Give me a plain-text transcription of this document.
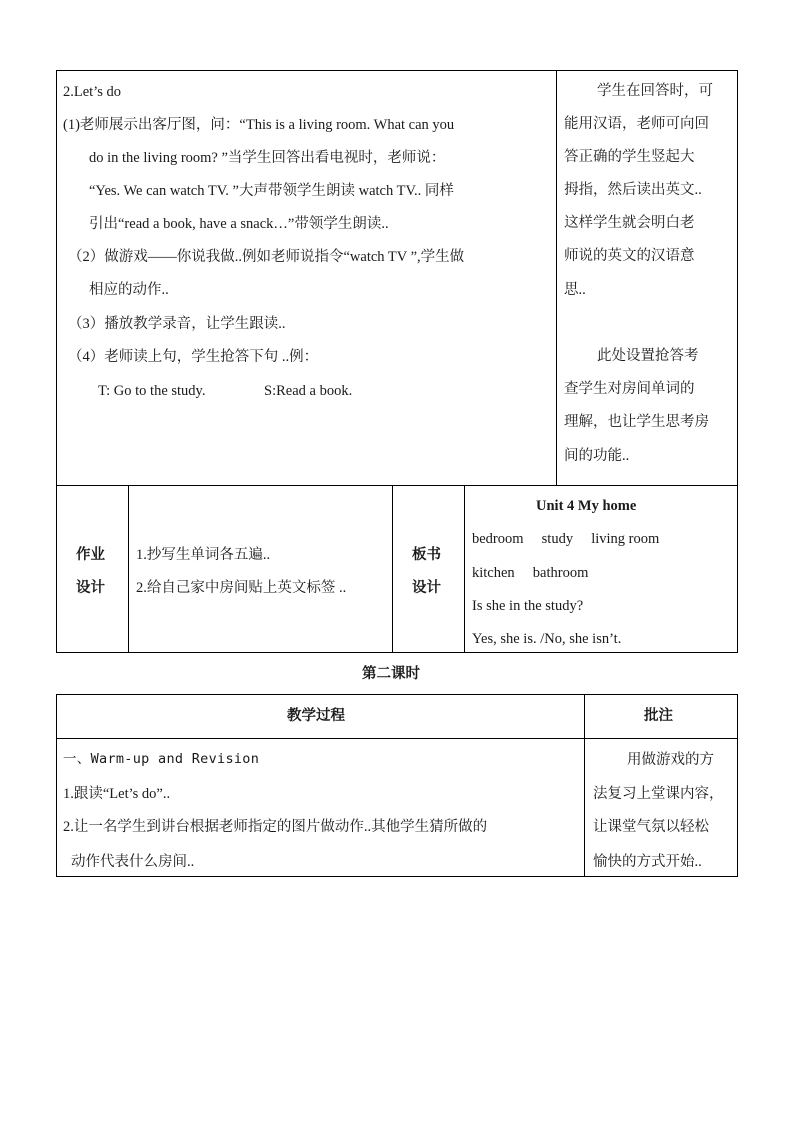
2.Let’s do
(1)老师展示出客厅图，问：“This is a living room. What can you
do in the living room? ”当学生回答出看电视时，老师说：
“Yes. We can watch TV. ”大声带领学生朗读 watch TV.. 同样
引出“read a book, have a snack…”带领学生朗读..
（2）做游戏——你说我做..例如老师说指令“watch TV ”,学生做
相应的动作..
（3）播放教学录音，让学生跟读..
（4）老师读上句，学生抢答下句 ..例：
T: Go to the study.	S:Read a book.
学生在回答时，可
能用汉语，老师可向回
答正确的学生竖起大
拇指，然后读出英文..
这样学生就会明白老
师说的英文的汉语意
思..
此处设置抢答考
查学生对房间单词的
理解，也让学生思考房
间的功能..
作业
设计
1.抄写生单词各五遍..
2.给自己家中房间贴上英文标签 ..
板书
设计
Unit 4 My home
bedroom     study     living room
kitchen     bathroom
Is she in the study?
Yes, she is. /No, she isn’t.
第二课时
教学过程	批注
一、Warm-up and Revision
1.跟读“Let’s do”..
2.让一名学生到讲台根据老师指定的图片做动作..其他学生猜所做的
动作代表什么房间..
用做游戏的方
法复习上堂课内容，
让课堂气氛以轻松
愉快的方式开始..
